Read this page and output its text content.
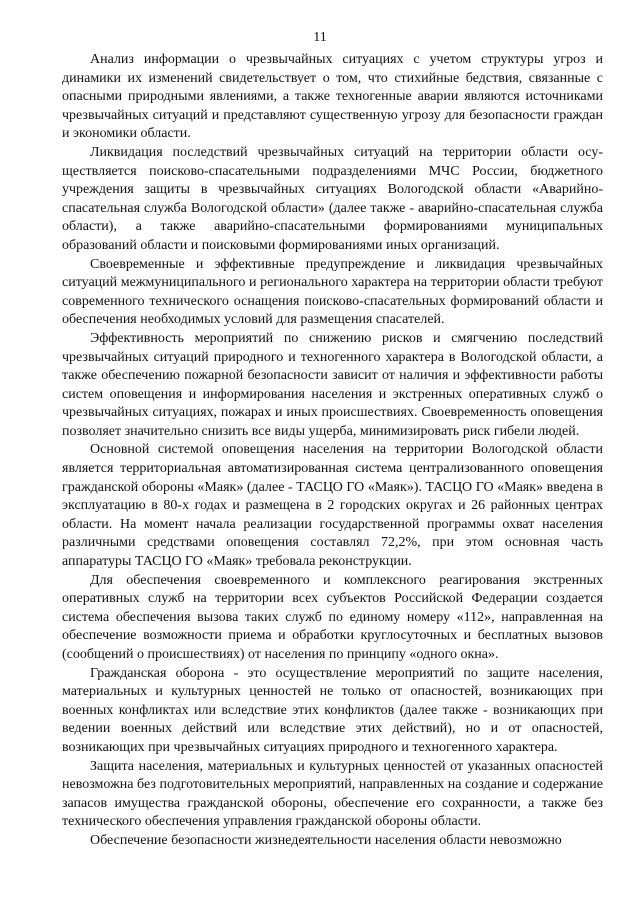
11

Анализ информации о чрезвычайных ситуациях с учетом структуры угроз и динамики их изменений свидетельствует о том, что стихийные бедствия, связанные с опасными природными явлениями, а также техногенные аварии являются источниками чрезвычайных ситуаций и представляют существенную угрозу для безопасности граждан и экономики области.

Ликвидация последствий чрезвычайных ситуаций на территории области осуществляется поисково-спасательными подразделениями МЧС России, бюджетного учреждения защиты в чрезвычайных ситуациях Вологодской области «Аварийно-спасательная служба Вологодской области» (далее также - аварийно-спасательная служба области), а также аварийно-спасательными формированиями муниципальных образований области и поисковыми формированиями иных организаций.

Своевременные и эффективные предупреждение и ликвидация чрезвычайных ситуаций межмуниципального и регионального характера на территории области требуют современного технического оснащения поисково-спасательных формирований области и обеспечения необходимых условий для размещения спасателей.

Эффективность мероприятий по снижению рисков и смягчению последствий чрезвычайных ситуаций природного и техногенного характера в Вологодской области, а также обеспечению пожарной безопасности зависит от наличия и эффективности работы систем оповещения и информирования населения и экстренных оперативных служб о чрезвычайных ситуациях, пожарах и иных происшествиях. Своевременность оповещения позволяет значительно снизить все виды ущерба, минимизировать риск гибели людей.

Основной системой оповещения населения на территории Вологодской области является территориальная автоматизированная система централизованного оповещения гражданской обороны «Маяк» (далее - ТАСЦО ГО «Маяк»). ТАСЦО ГО «Маяк» введена в эксплуатацию в 80-х годах и размещена в 2 городских округах и 26 районных центрах области. На момент начала реализации государственной программы охват населения различными средствами оповещения составлял 72,2%, при этом основная часть аппаратуры ТАСЦО ГО «Маяк» требовала реконструкции.

Для обеспечения своевременного и комплексного реагирования экстренных оперативных служб на территории всех субъектов Российской Федерации создается система обеспечения вызова таких служб по единому номеру «112», направленная на обеспечение возможности приема и обработки круглосуточных и бесплатных вызовов (сообщений о происшествиях) от населения по принципу «одного окна».

Гражданская оборона - это осуществление мероприятий по защите населения, материальных и культурных ценностей не только от опасностей, возникающих при военных конфликтах или вследствие этих конфликтов (далее также - возникающих при ведении военных действий или вследствие этих действий), но и от опасностей, возникающих при чрезвычайных ситуациях природного и техногенного характера.

Защита населения, материальных и культурных ценностей от указанных опасностей невозможна без подготовительных мероприятий, направленных на создание и содержание запасов имущества гражданской обороны, обеспечение его сохранности, а также без технического обеспечения управления гражданской обороны области.

Обеспечение безопасности жизнедеятельности населения области невозможно
